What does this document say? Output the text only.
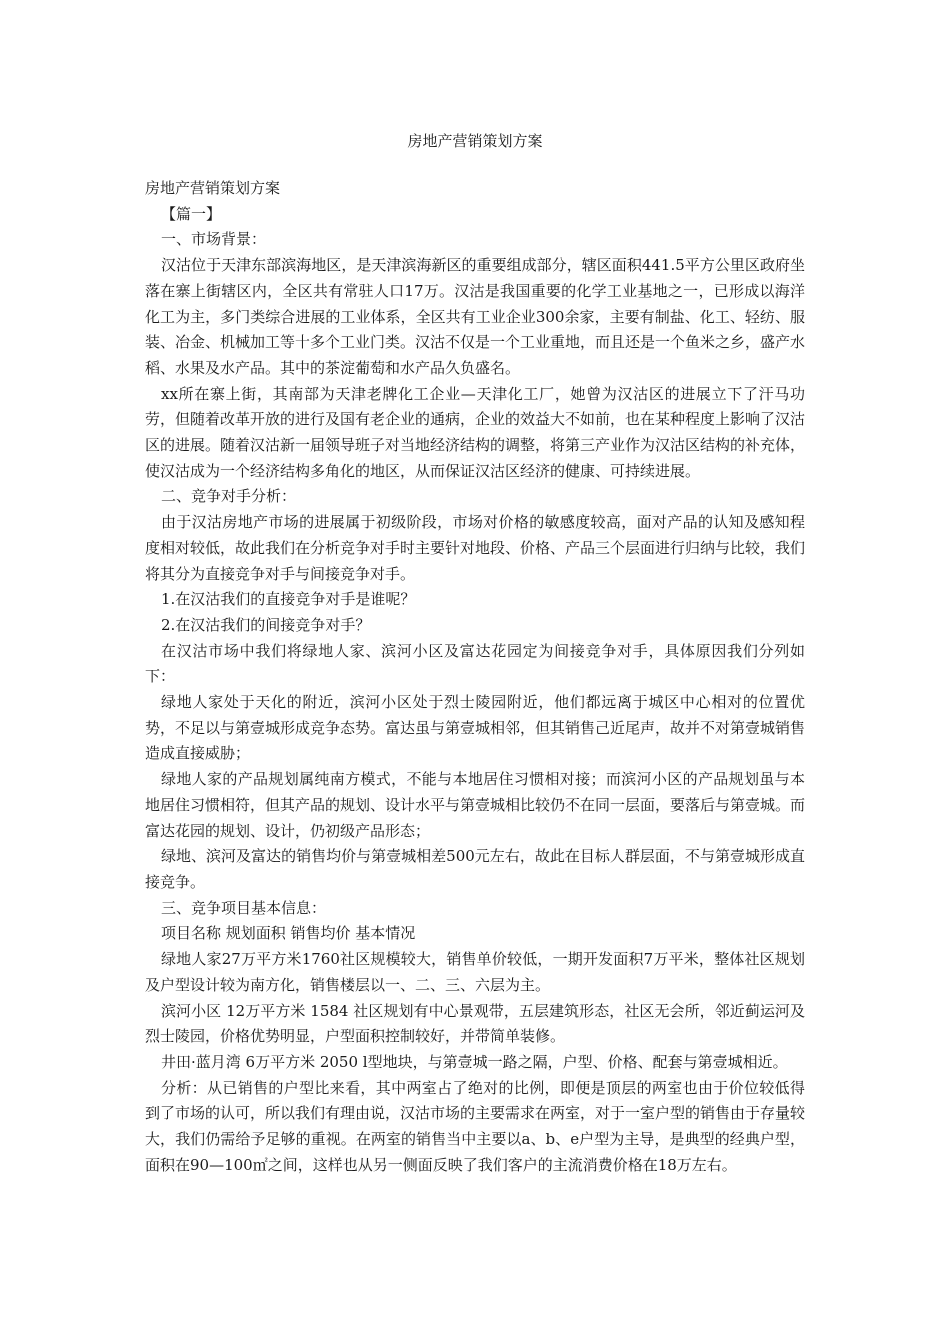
房地产营销策划方案

房地产营销策划方案

【篇一】

一、市场背景：

汉沽位于天津东部滨海地区，是天津滨海新区的重要组成部分，辖区面积441.5平方公里区政府坐落在寨上街辖区内，全区共有常驻人口17万。汉沽是我国重要的化学工业基地之一，已形成以海洋化工为主，多门类综合进展的工业体系，全区共有工业企业300余家，主要有制盐、化工、轻纺、服装、冶金、机械加工等十多个工业门类。汉沽不仅是一个工业重地，而且还是一个鱼米之乡，盛产水稻、水果及水产品。其中的茶淀葡萄和水产品久负盛名。

xx所在寨上街，其南部为天津老牌化工企业—天津化工厂，她曾为汉沽区的进展立下了汗马功劳，但随着改革开放的进行及国有老企业的通病，企业的效益大不如前，也在某种程度上影响了汉沽区的进展。随着汉沽新一届领导班子对当地经济结构的调整，将第三产业作为汉沽区结构的补充体，使汉沽成为一个经济结构多角化的地区，从而保证汉沽区经济的健康、可持续进展。

二、竞争对手分析：

由于汉沽房地产市场的进展属于初级阶段，市场对价格的敏感度较高，面对产品的认知及感知程度相对较低，故此我们在分析竞争对手时主要针对地段、价格、产品三个层面进行归纳与比较，我们将其分为直接竞争对手与间接竞争对手。

1.在汉沽我们的直接竞争对手是谁呢？

2.在汉沽我们的间接竞争对手？

在汉沽市场中我们将绿地人家、滨河小区及富达花园定为间接竞争对手，具体原因我们分列如下：

绿地人家处于天化的附近，滨河小区处于烈士陵园附近，他们都远离于城区中心相对的位置优势，不足以与第壹城形成竞争态势。富达虽与第壹城相邻，但其销售己近尾声，故并不对第壹城销售造成直接威胁；

绿地人家的产品规划属纯南方模式，不能与本地居住习惯相对接；而滨河小区的产品规划虽与本地居住习惯相符，但其产品的规划、设计水平与第壹城相比较仍不在同一层面，要落后与第壹城。而富达花园的规划、设计，仍初级产品形态；

绿地、滨河及富达的销售均价与第壹城相差500元左右，故此在目标人群层面，不与第壹城形成直接竞争。

三、竞争项目基本信息：

项目名称 规划面积 销售均价 基本情况

绿地人家27万平方米1760社区规模较大，销售单价较低，一期开发面积7万平米，整体社区规划及户型设计较为南方化，销售楼层以一、二、三、六层为主。

滨河小区 12万平方米 1584 社区规划有中心景观带，五层建筑形态，社区无会所，邻近蓟运河及烈士陵园，价格优势明显，户型面积控制较好，并带简单装修。

井田·蓝月湾 6万平方米 2050 l型地块，与第壹城一路之隔，户型、价格、配套与第壹城相近。

分析：从已销售的户型比来看，其中两室占了绝对的比例，即便是顶层的两室也由于价位较低得到了市场的认可，所以我们有理由说，汉沽市场的主要需求在两室，对于一室户型的销售由于存量较大，我们仍需给予足够的重视。在两室的销售当中主要以a、b、e户型为主导，是典型的经典户型，面积在90—100㎡之间，这样也从另一侧面反映了我们客户的主流消费价格在18万左右。
